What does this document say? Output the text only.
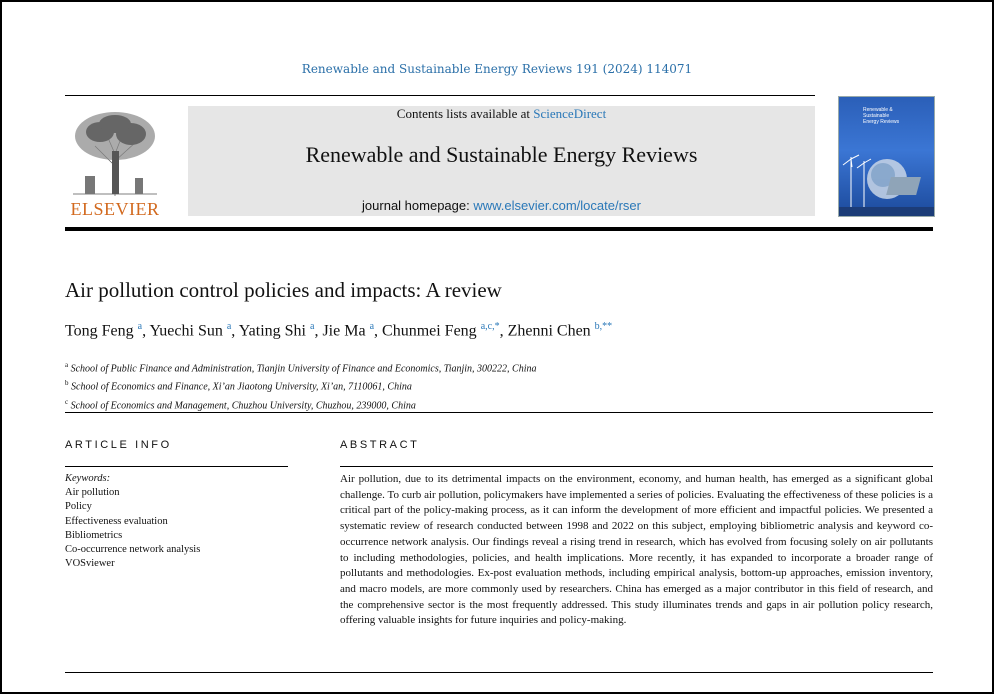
Renewable and Sustainable Energy Reviews 191 (2024) 114071
ELSEVIER
Contents lists available at ScienceDirect
Renewable and Sustainable Energy Reviews
journal homepage: www.elsevier.com/locate/rser
Renewable &
Sustainable
Energy Reviews
Air pollution control policies and impacts: A review
Tong Feng $^a$, Yuechi Sun $^a$, Yating Shi $^a$, Jie Ma $^a$, Chunmei Feng $^{a,c,*}$, Zhenni Chen $^{b,**}$
$^a$ School of Public Finance and Administration, Tianjin University of Finance and Economics, Tianjin, 300222, China
$^b$ School of Economics and Finance, Xi’an Jiaotong University, Xi’an, 7110061, China
$^c$ School of Economics and Management, Chuzhou University, Chuzhou, 239000, China
ARTICLE INFO
Keywords:
Air pollution
Policy
Effectiveness evaluation
Bibliometrics
Co-occurrence network analysis
VOSviewer
ABSTRACT
Air pollution, due to its detrimental impacts on the environment, economy, and human health, has emerged as a significant global challenge. To curb air pollution, policymakers have implemented a series of policies. Evaluating the effectiveness of these policies is a critical part of the policy-making process, as it can inform the development of more efficient and impactful policies. We presented a systematic review of research conducted between 1998 and 2022 on this subject, employing bibliometric analysis and keyword co-occurrence network analysis. Our findings reveal a rising trend in research, which has evolved from focusing solely on air pollutants to including methodologies, policies, and health implications. More recently, it has expanded to incorporate a broader range of pollutants and methodologies. Ex-post evaluation methods, including empirical analysis, bottom-up approaches, emission inventory, and macro models, are more commonly used by researchers. China has emerged as a major contributor in this field of research, and the comprehensive sector is the most frequently addressed. This study illuminates trends and gaps in air pollution policy research, offering valuable insights for future inquiries and policy-making.
